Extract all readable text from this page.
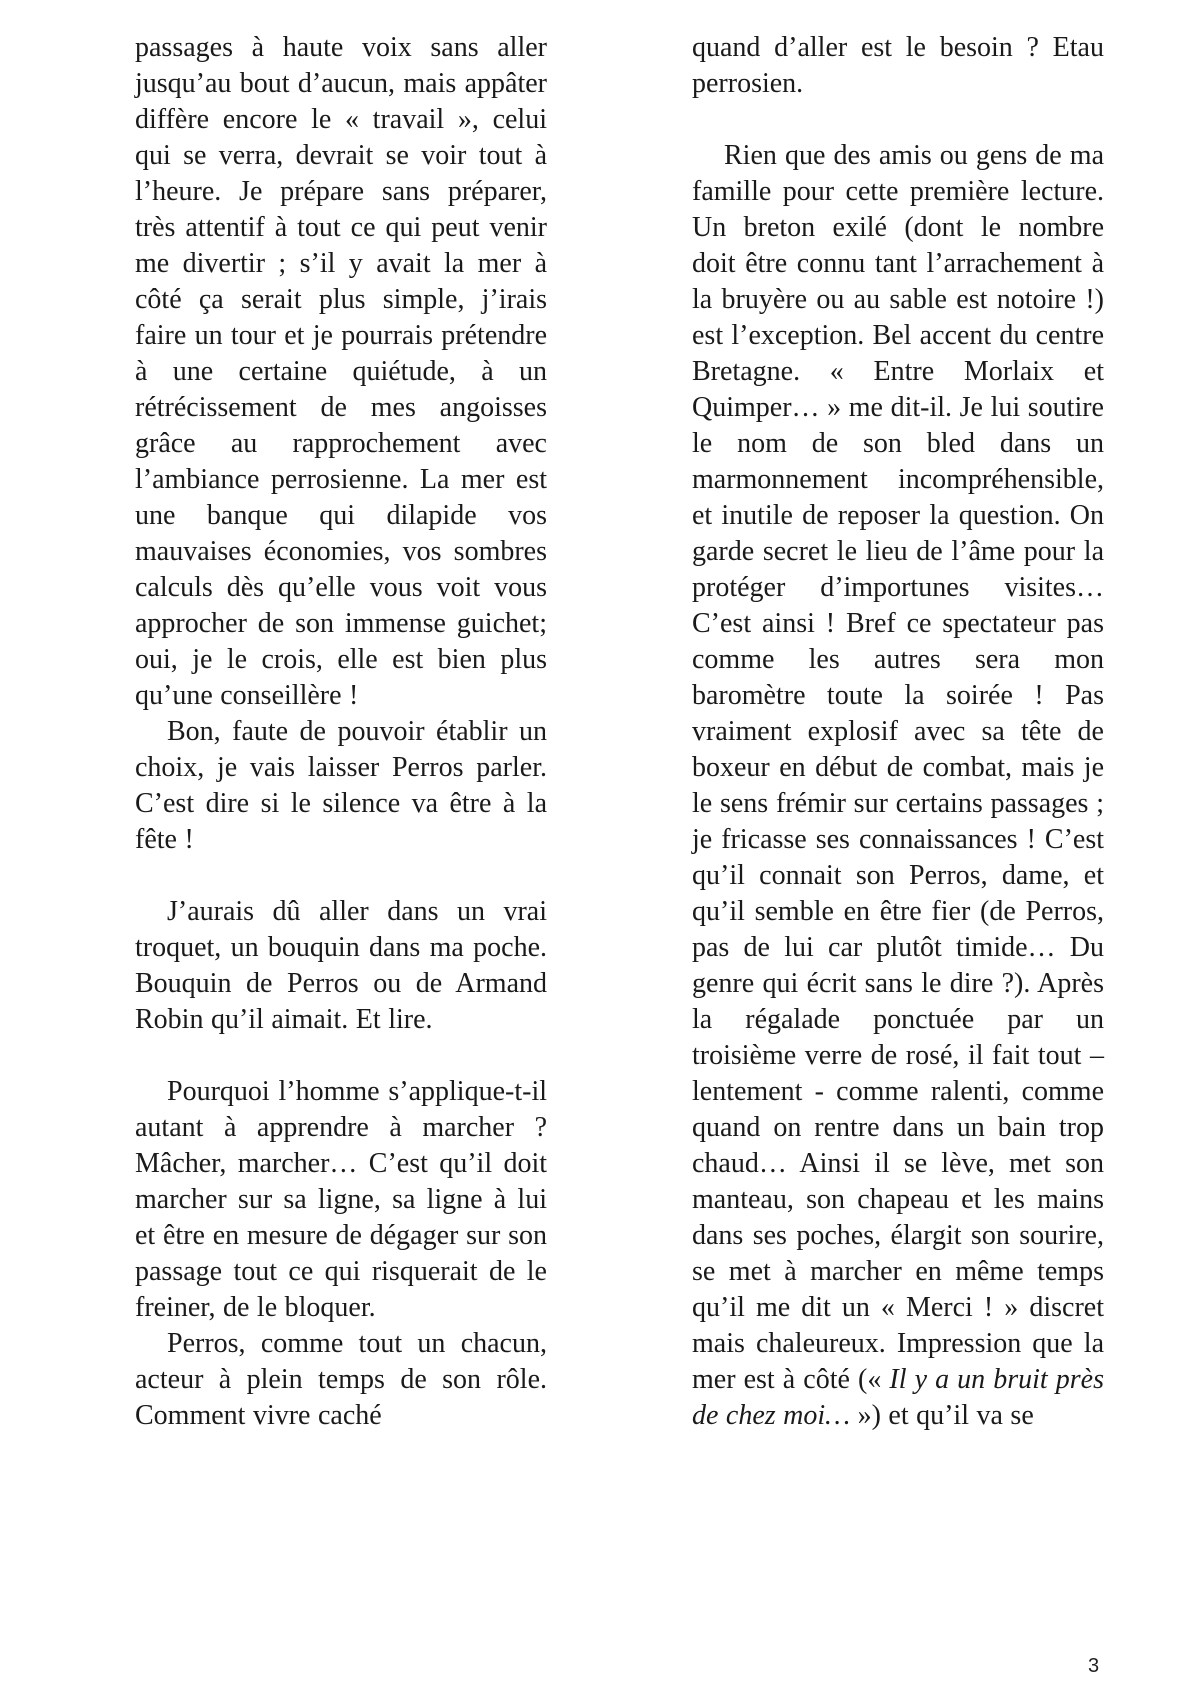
passages à haute voix sans aller jusqu’au bout d’aucun, mais appâter diffère encore le « travail », celui qui se verra, devrait se voir tout à l’heure. Je prépare sans préparer, très attentif à tout ce qui peut venir me divertir ; s’il y avait la mer à côté ça serait plus simple, j’irais faire un tour et je pourrais prétendre à une certaine quiétude, à un rétrécissement de mes angoisses grâce au rapprochement avec l’ambiance perrosienne. La mer est une banque qui dilapide vos mauvaises économies, vos sombres calculs dès qu’elle vous voit vous approcher de son immense guichet; oui, je le crois, elle est bien plus qu’une conseillère !

Bon, faute de pouvoir établir un choix, je vais laisser Perros parler. C’est dire si le silence va être à la fête !

J’aurais dû aller dans un vrai troquet, un bouquin dans ma poche. Bouquin de Perros ou de Armand Robin qu’il aimait. Et lire.

Pourquoi l’homme s’applique-t-il autant à apprendre à marcher ? Mâcher, marcher… C’est qu’il doit marcher sur sa ligne, sa ligne à lui et être en mesure de dégager sur son passage tout ce qui risquerait de le freiner, de le bloquer.

Perros, comme tout un chacun, acteur à plein temps de son rôle. Comment vivre caché

quand d’aller est le besoin ? Etau perrosien.

Rien que des amis ou gens de ma famille pour cette première lecture. Un breton exilé (dont le nombre doit être connu tant l’arrachement à la bruyère ou au sable est notoire !) est l’exception. Bel accent du centre Bretagne. « Entre Morlaix et Quimper… » me dit-il. Je lui soutire le nom de son bled dans un marmonnement incompréhensible, et inutile de reposer la question. On garde secret le lieu de l’âme pour la protéger d’importunes visites… C’est ainsi ! Bref ce spectateur pas comme les autres sera mon baromètre toute la soirée ! Pas vraiment explosif avec sa tête de boxeur en début de combat, mais je le sens frémir sur certains passages ; je fricasse ses connaissances ! C’est qu’il connait son Perros, dame, et qu’il semble en être fier (de Perros, pas de lui car plutôt timide… Du genre qui écrit sans le dire ?). Après la régalade ponctuée par un troisième verre de rosé, il fait tout – lentement - comme ralenti, comme quand on rentre dans un bain trop chaud… Ainsi il se lève, met son manteau, son chapeau et les mains dans ses poches, élargit son sourire, se met à marcher en même temps qu’il me dit un « Merci ! » discret mais chaleureux. Impression que la mer est à côté (« Il y a un bruit près de chez moi… ») et qu’il va se

3
